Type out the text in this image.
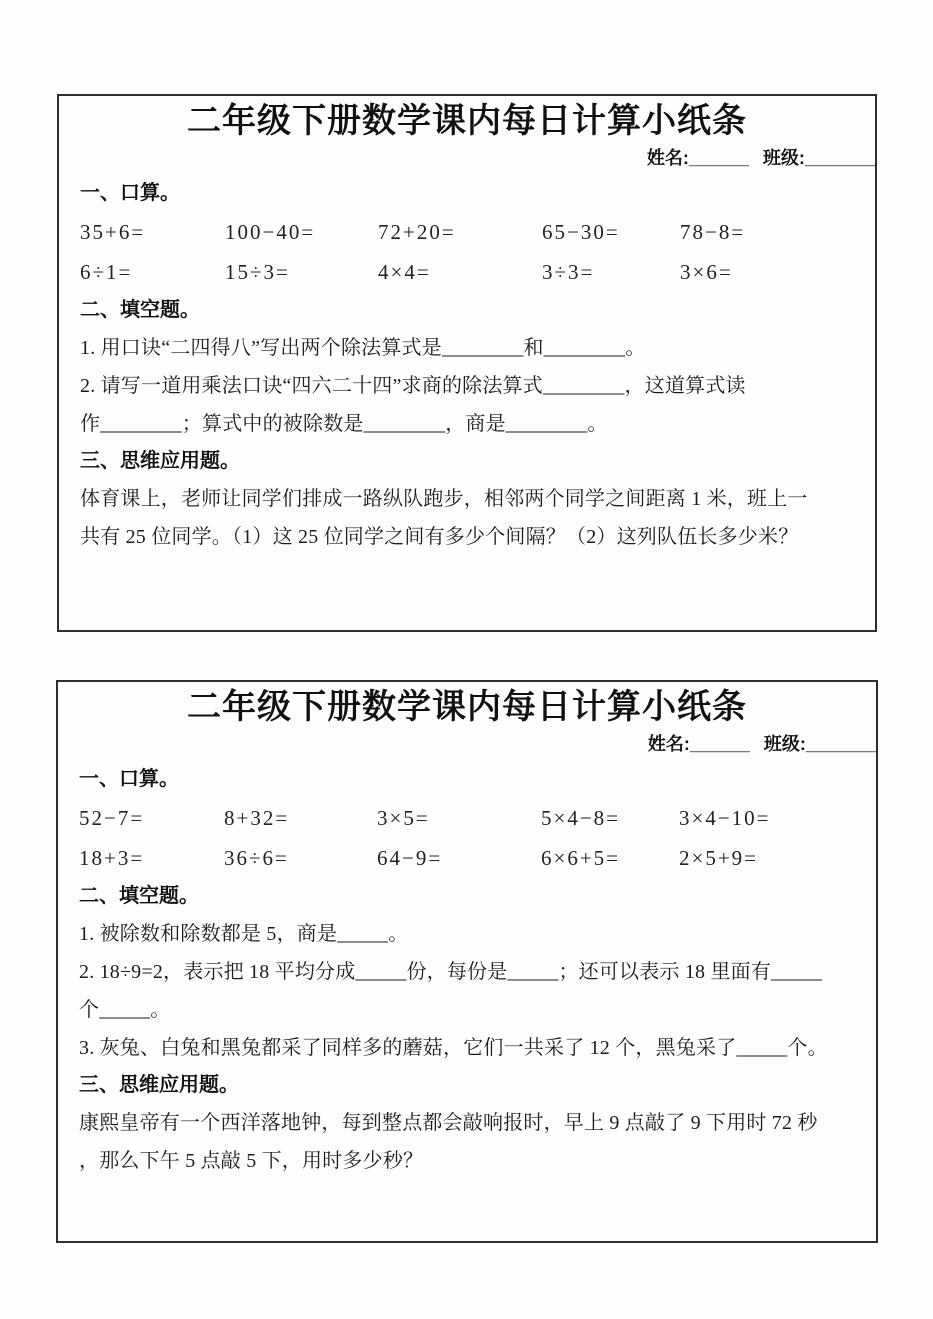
二年级下册数学课内每日计算小纸条
姓名: ______ 班级: _______
一、口算。
35+6=	100−40=	72+20=	65−30=	78−8=
6÷1=	15÷3=	4×4=	3÷3=	3×6=
二、填空题。
1. 用口诀“二四得八”写出两个除法算式是________和________。
2. 请写一道用乘法口诀“四六二十四”求商的除法算式________，这道算式读
作________；算式中的被除数是________，商是________。
三、思维应用题。
体育课上，老师让同学们排成一路纵队跑步，相邻两个同学之间距离 1 米，班上一
共有 25 位同学。（1）这 25 位同学之间有多少个间隔？（2）这列队伍长多少米？
二年级下册数学课内每日计算小纸条
姓名: ______ 班级: _______
一、口算。
52−7=	8+32=	3×5=	5×4−8=	3×4−10=
18+3=	36÷6=	64−9=	6×6+5=	2×5+9=
二、填空题。
1. 被除数和除数都是 5，商是_____。
2. 18÷9=2，表示把 18 平均分成_____份，每份是_____；还可以表示 18 里面有_____
个_____。
3. 灰兔、白兔和黑兔都采了同样多的蘑菇，它们一共采了 12 个，黑兔采了_____个。
三、思维应用题。
康熙皇帝有一个西洋落地钟，每到整点都会敲响报时，早上 9 点敲了 9 下用时 72 秒
，那么下午 5 点敲 5 下，用时多少秒？
